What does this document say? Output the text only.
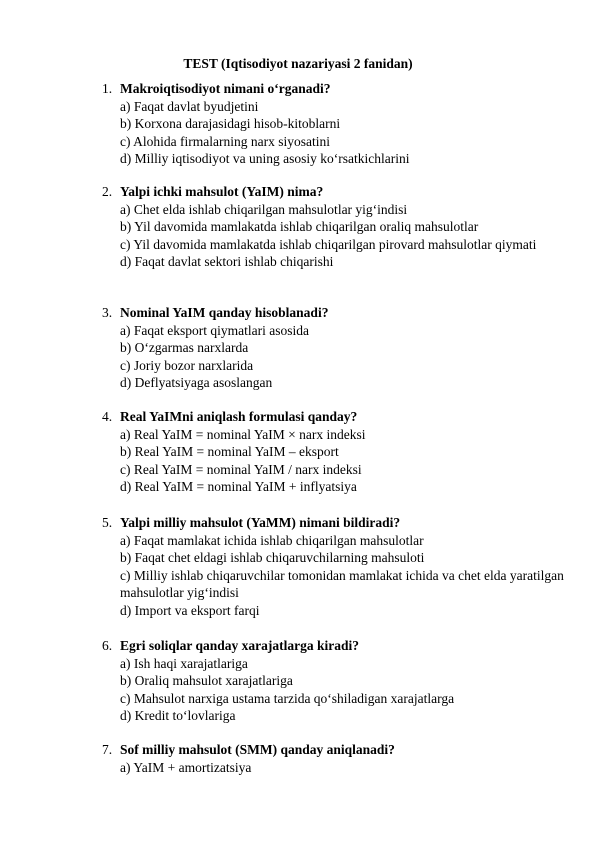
TEST (Iqtisodiyot nazariyasi 2 fanidan)
1. Makroiqtisodiyot nimani o‘rganadi?
a) Faqat davlat byudjetini
b) Korxona darajasidagi hisob-kitoblarni
c) Alohida firmalarning narx siyosatini
d) Milliy iqtisodiyot va uning asosiy ko‘rsatkichlarini
2. Yalpi ichki mahsulot (YaIM) nima?
a) Chet elda ishlab chiqarilgan mahsulotlar yig‘indisi
b) Yil davomida mamlakatda ishlab chiqarilgan oraliq mahsulotlar
c) Yil davomida mamlakatda ishlab chiqarilgan pirovard mahsulotlar qiymati
d) Faqat davlat sektori ishlab chiqarishi
3. Nominal YaIM qanday hisoblanadi?
a) Faqat eksport qiymatlari asosida
b) O‘zgarmas narxlarda
c) Joriy bozor narxlarida
d) Deflyatsiyaga asoslangan
4. Real YaIMni aniqlash formulasi qanday?
a) Real YaIM = nominal YaIM × narx indeksi
b) Real YaIM = nominal YaIM – eksport
c) Real YaIM = nominal YaIM / narx indeksi
d) Real YaIM = nominal YaIM + inflyatsiya
5. Yalpi milliy mahsulot (YaMM) nimani bildiradi?
a) Faqat mamlakat ichida ishlab chiqarilgan mahsulotlar
b) Faqat chet eldagi ishlab chiqaruvchilarning mahsuloti
c) Milliy ishlab chiqaruvchilar tomonidan mamlakat ichida va chet elda yaratilgan mahsulotlar yig‘indisi
d) Import va eksport farqi
6. Egri soliqlar qanday xarajatlarga kiradi?
a) Ish haqi xarajatlariga
b) Oraliq mahsulot xarajatlariga
c) Mahsulot narxiga ustama tarzida qo‘shiladigan xarajatlarga
d) Kredit to‘lovlariga
7. Sof milliy mahsulot (SMM) qanday aniqlanadi?
a) YaIM + amortizatsiya
